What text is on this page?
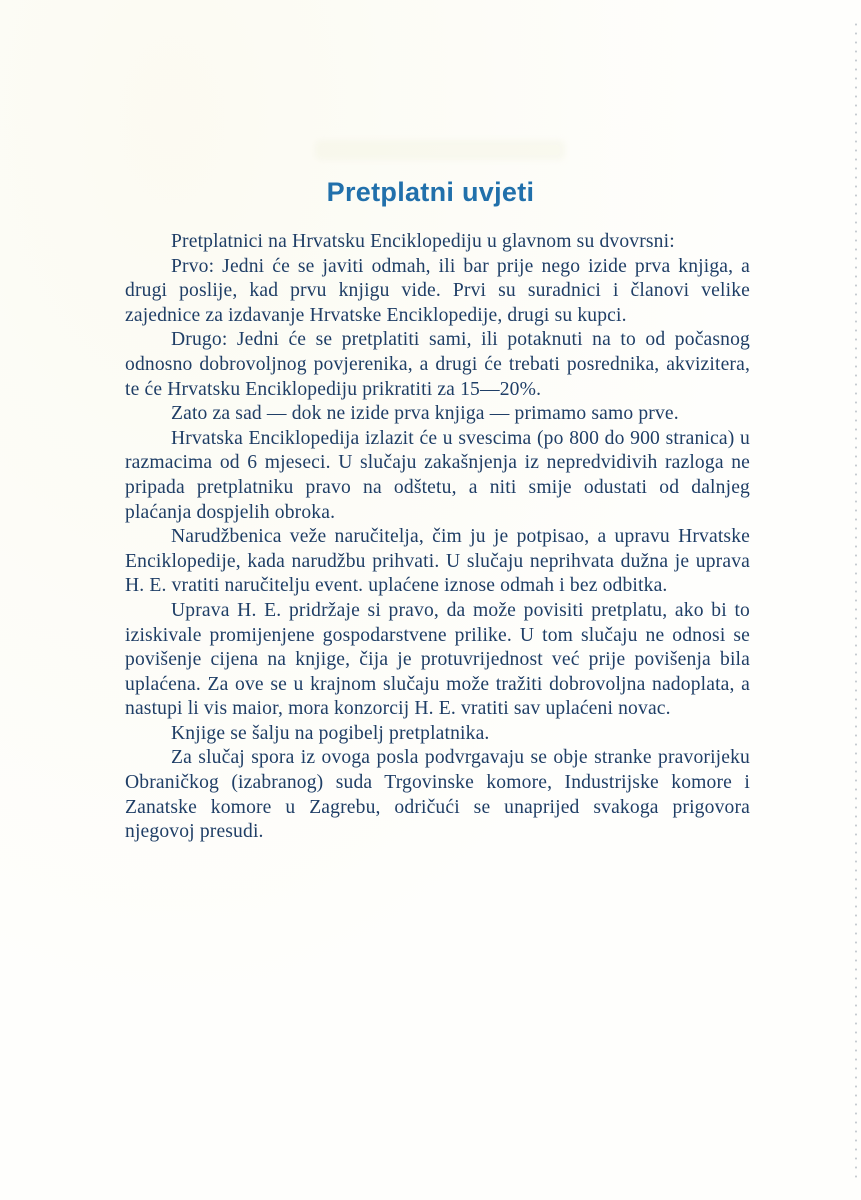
Pretplatni uvjeti

Pretplatnici na Hrvatsku Enciklopediju u glavnom su dvovrsni:

Prvo: Jedni će se javiti odmah, ili bar prije nego izide prva knjiga, a drugi poslije, kad prvu knjigu vide. Prvi su suradnici i članovi velike zajednice za izdavanje Hrvatske Enciklopedije, drugi su kupci.

Drugo: Jedni će se pretplatiti sami, ili potaknuti na to od počasnog odnosno dobrovoljnog povjerenika, a drugi će trebati posrednika, akvizitera, te će Hrvatsku Enciklopediju prikratiti za 15—20%.

Zato za sad — dok ne izide prva knjiga — primamo samo prve.

Hrvatska Enciklopedija izlazit će u svescima (po 800 do 900 stranica) u razmacima od 6 mjeseci. U slučaju zakašnjenja iz nepredvidivih razloga ne pripada pretplatniku pravo na odštetu, a niti smije odustati od dalnjeg plaćanja dospjelih obroka.

Narudžbenica veže naručitelja, čim ju je potpisao, a upravu Hrvatske Enciklopedije, kada narudžbu prihvati. U slučaju neprihvata dužna je uprava H. E. vratiti naručitelju event. uplaćene iznose odmah i bez odbitka.

Uprava H. E. pridržaje si pravo, da može povisiti pretplatu, ako bi to iziskivale promijenjene gospodarstvene prilike. U tom slučaju ne odnosi se povišenje cijena na knjige, čija je protuvrijednost već prije povišenja bila uplaćena. Za ove se u krajnom slučaju može tražiti dobrovoljna nadoplata, a nastupi li vis maior, mora konzorcij H. E. vratiti sav uplaćeni novac.

Knjige se šalju na pogibelj pretplatnika.

Za slučaj spora iz ovoga posla podvrgavaju se obje stranke pravorijeku Obraničkog (izabranog) suda Trgovinske komore, Industrijske komore i Zanatske komore u Zagrebu, odričući se unaprijed svakoga prigovora njegovoj presudi.
